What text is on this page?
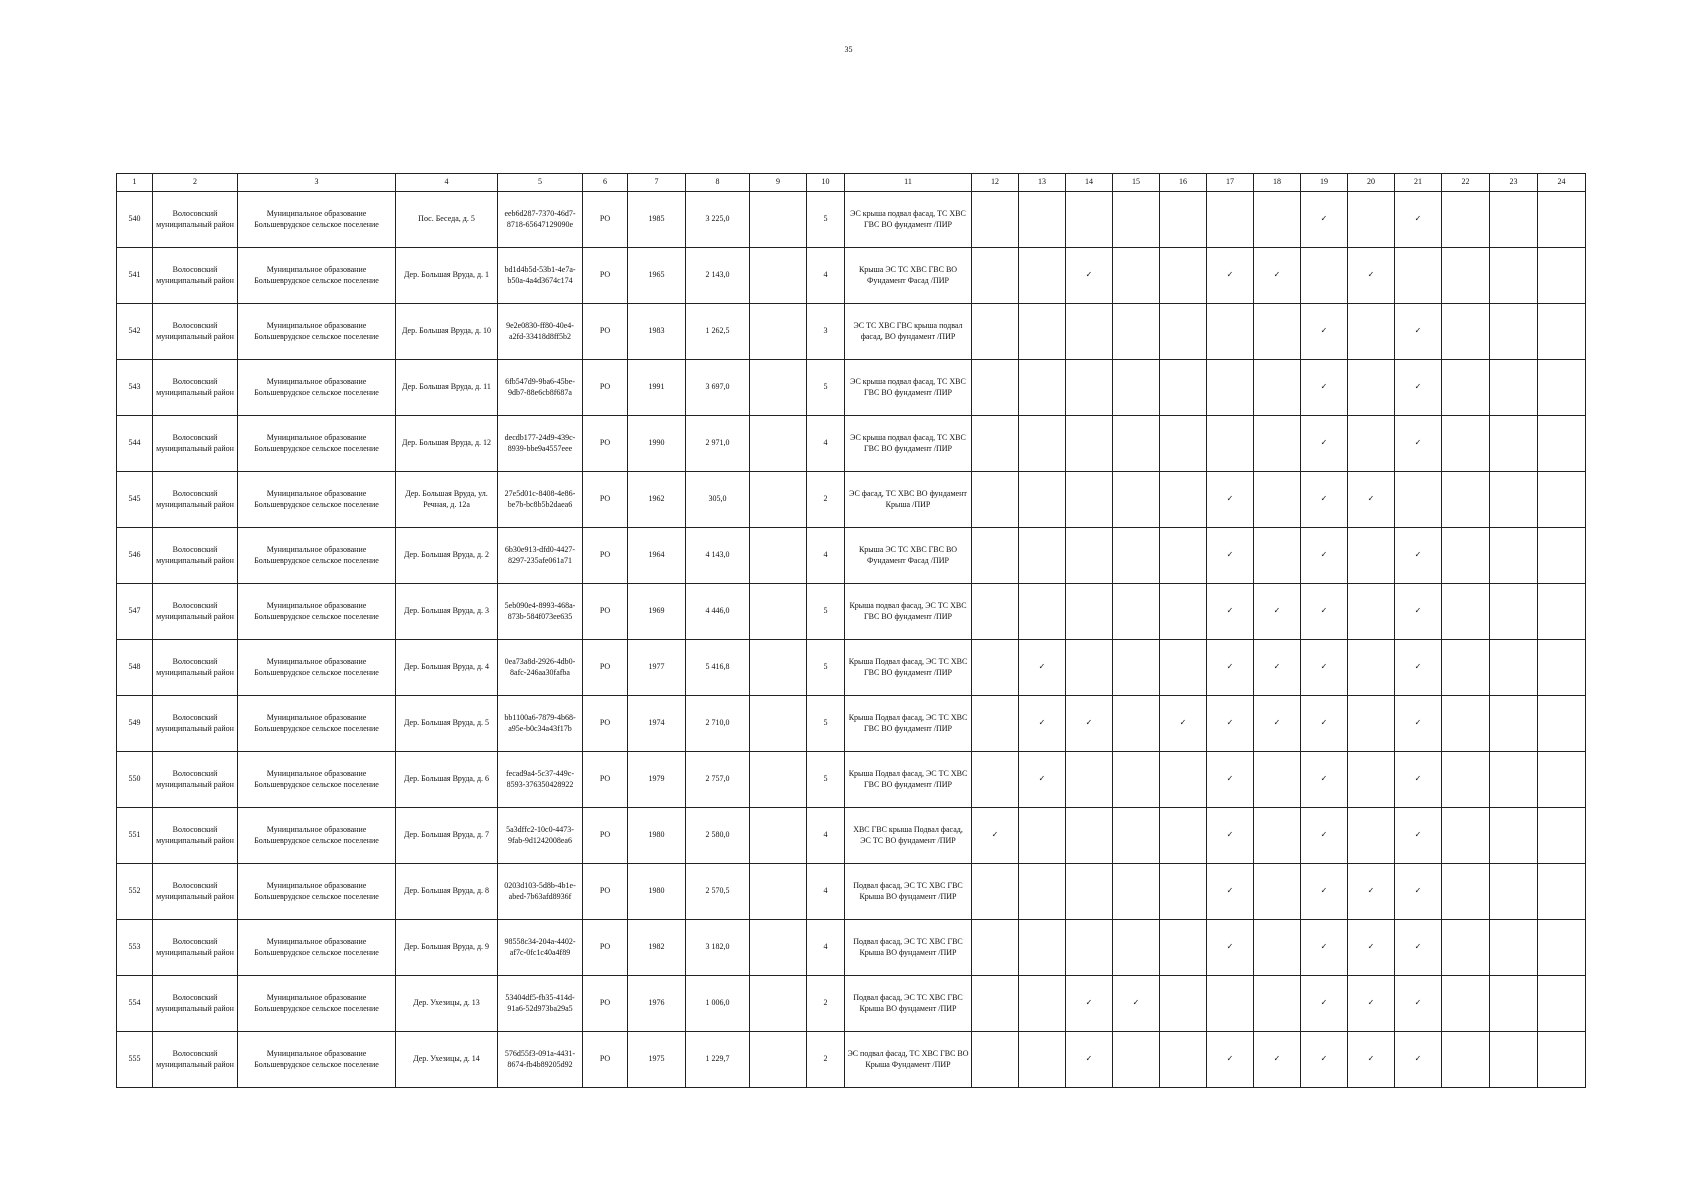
35
1	2	3	4	5	6	7	8	9	10	11	12	13	14	15	16	17	18	19	20	21	22	23	24
540	Волосовский муниципальный район	Муниципальное образование Большеврудское сельское поселение	Пос. Беседа, д. 5	eeb6d287-7370-46d7-8718-65647129090e	РО	1985	3 225,0		5	ЭС крыша подвал фасад, ТС ХВС ГВС ВО фундамент /ПИР								✓		✓			
541	Волосовский муниципальный район	Муниципальное образование Большеврудское сельское поселение	Дер. Большая Вруда, д. 1	bd1d4b5d-53b1-4e7a-b50a-4a4d3674c174	РО	1965	2 143,0		4	Крыша ЭС ТС ХВС ГВС ВО Фундамент Фасад /ПИР			✓			✓	✓		✓				
542	Волосовский муниципальный район	Муниципальное образование Большеврудское сельское поселение	Дер. Большая Вруда, д. 10	9e2e0830-ff80-40e4-a2fd-33418d8ff5b2	РО	1983	1 262,5		3	ЭС ТС ХВС ГВС крыша подвал фасад, ВО фундамент /ПИР								✓		✓			
543	Волосовский муниципальный район	Муниципальное образование Большеврудское сельское поселение	Дер. Большая Вруда, д. 11	6fb547d9-9ba6-45be-9db7-88e6cb8f687a	РО	1991	3 697,0		5	ЭС крыша подвал фасад, ТС ХВС ГВС ВО фундамент /ПИР								✓		✓			
544	Волосовский муниципальный район	Муниципальное образование Большеврудское сельское поселение	Дер. Большая Вруда, д. 12	decdb177-24d9-439c-8939-bbe9a4557eee	РО	1990	2 971,0		4	ЭС крыша подвал фасад, ТС ХВС ГВС ВО фундамент /ПИР								✓		✓			
545	Волосовский муниципальный район	Муниципальное образование Большеврудское сельское поселение	Дер. Большая Вруда, ул. Речная, д. 12а	27e5d01c-8408-4e86-be7b-bc8b5b2daea6	РО	1962	305,0		2	ЭС фасад, ТС ХВС ВО фундамент Крыша /ПИР						✓		✓	✓				
546	Волосовский муниципальный район	Муниципальное образование Большеврудское сельское поселение	Дер. Большая Вруда, д. 2	6b30e913-dfd0-4427-8297-235afe061a71	РО	1964	4 143,0		4	Крыша ЭС ТС ХВС ГВС ВО Фундамент Фасад /ПИР						✓		✓		✓			
547	Волосовский муниципальный район	Муниципальное образование Большеврудское сельское поселение	Дер. Большая Вруда, д. 3	5eb090e4-8993-468a-873b-584f073ee635	РО	1969	4 446,0		5	Крыша подвал фасад, ЭС ТС ХВС ГВС ВО фундамент /ПИР						✓	✓	✓		✓			
548	Волосовский муниципальный район	Муниципальное образование Большеврудское сельское поселение	Дер. Большая Вруда, д. 4	0ea73a8d-2926-4db0-8afc-246aa30fafba	РО	1977	5 416,8		5	Крыша Подвал фасад, ЭС ТС ХВС ГВС ВО фундамент /ПИР		✓				✓	✓	✓		✓			
549	Волосовский муниципальный район	Муниципальное образование Большеврудское сельское поселение	Дер. Большая Вруда, д. 5	bb1100a6-7879-4b68-a95e-b0c34a43f17b	РО	1974	2 710,0		5	Крыша Подвал фасад, ЭС ТС ХВС ГВС ВО фундамент /ПИР		✓	✓		✓	✓	✓	✓		✓			
550	Волосовский муниципальный район	Муниципальное образование Большеврудское сельское поселение	Дер. Большая Вруда, д. 6	fecad9a4-5c37-449c-8593-376350428922	РО	1979	2 757,0		5	Крыша Подвал фасад, ЭС ТС ХВС ГВС ВО фундамент /ПИР		✓				✓		✓		✓			
551	Волосовский муниципальный район	Муниципальное образование Большеврудское сельское поселение	Дер. Большая Вруда, д. 7	5a3dffc2-10c0-4473-9fab-9d1242008ea6	РО	1980	2 580,0		4	ХВС ГВС крыша Подвал фасад, ЭС ТС ВО фундамент /ПИР	✓					✓		✓		✓			
552	Волосовский муниципальный район	Муниципальное образование Большеврудское сельское поселение	Дер. Большая Вруда, д. 8	0203d103-5d8b-4b1e-abed-7b63afd8936f	РО	1980	2 570,5		4	Подвал фасад, ЭС ТС ХВС ГВС Крыша ВО фундамент /ПИР						✓		✓	✓	✓			
553	Волосовский муниципальный район	Муниципальное образование Большеврудское сельское поселение	Дер. Большая Вруда, д. 9	98558c34-204a-4402-af7c-0fc1c40a4f89	РО	1982	3 182,0		4	Подвал фасад, ЭС ТС ХВС ГВС Крыша ВО фундамент /ПИР						✓		✓	✓	✓			
554	Волосовский муниципальный район	Муниципальное образование Большеврудское сельское поселение	Дер. Ухезицы, д. 13	53404df5-fb35-414d-91a6-52d973ba29a5	РО	1976	1 006,0		2	Подвал фасад, ЭС ТС ХВС ГВС Крыша ВО фундамент /ПИР			✓	✓				✓	✓	✓			
555	Волосовский муниципальный район	Муниципальное образование Большеврудское сельское поселение	Дер. Ухезицы, д. 14	576d55f3-091a-4431-8674-fb4b89205d92	РО	1975	1 229,7		2	ЭС подвал фасад, ТС ХВС ГВС ВО Крыша Фундамент /ПИР			✓			✓	✓	✓	✓	✓			
